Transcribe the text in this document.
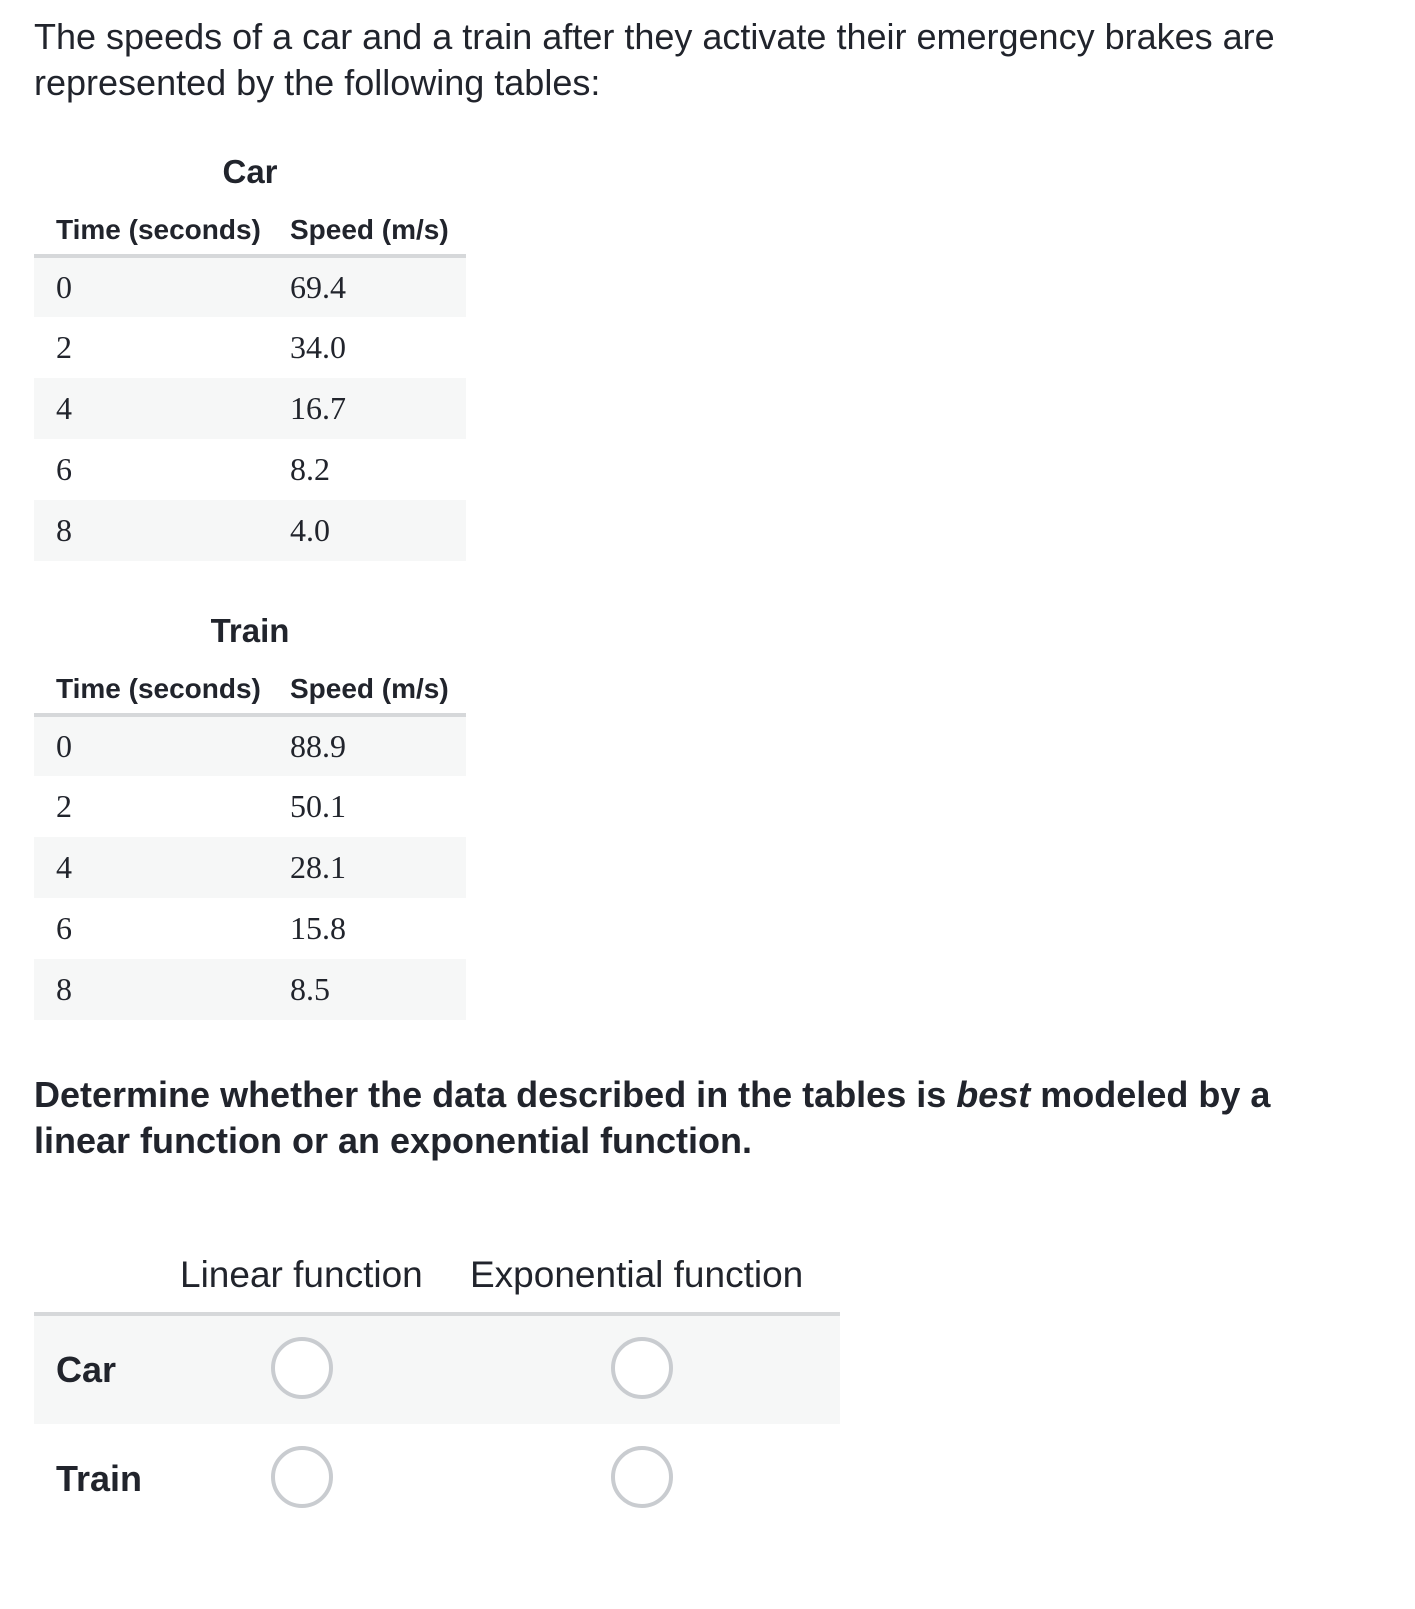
The speeds of a car and a train after they activate their emergency brakes are represented by the following tables:
Car
Time (seconds)	Speed (m/s)
0	69.4
2	34.0
4	16.7
6	8.2
8	4.0
Train
Time (seconds)	Speed (m/s)
0	88.9
2	50.1
4	28.1
6	15.8
8	8.5
Determine whether the data described in the tables is best modeled by a linear function or an exponential function.
	Linear function	Exponential function
Car		
Train		
